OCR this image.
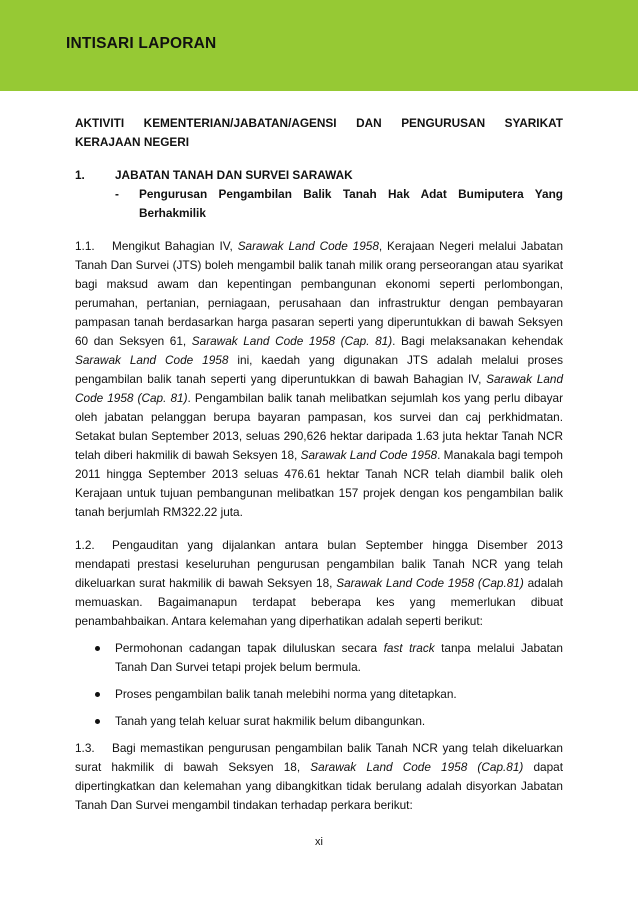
INTISARI LAPORAN
AKTIVITI KEMENTERIAN/JABATAN/AGENSI DAN PENGURUSAN SYARIKAT
KERAJAAN NEGERI
1.	JABATAN TANAH DAN SURVEI SARAWAK
-	Pengurusan Pengambilan Balik Tanah Hak Adat Bumiputera Yang Berhakmilik
1.1. Mengikut Bahagian IV, Sarawak Land Code 1958, Kerajaan Negeri melalui Jabatan Tanah Dan Survei (JTS) boleh mengambil balik tanah milik orang perseorangan atau syarikat bagi maksud awam dan kepentingan pembangunan ekonomi seperti perlombongan, perumahan, pertanian, perniagaan, perusahaan dan infrastruktur dengan pembayaran pampasan tanah berdasarkan harga pasaran seperti yang diperuntukkan di bawah Seksyen 60 dan Seksyen 61, Sarawak Land Code 1958 (Cap. 81). Bagi melaksanakan kehendak Sarawak Land Code 1958 ini, kaedah yang digunakan JTS adalah melalui proses pengambilan balik tanah seperti yang diperuntukkan di bawah Bahagian IV, Sarawak Land Code 1958 (Cap. 81). Pengambilan balik tanah melibatkan sejumlah kos yang perlu dibayar oleh jabatan pelanggan berupa bayaran pampasan, kos survei dan caj perkhidmatan. Setakat bulan September 2013, seluas 290,626 hektar daripada 1.63 juta hektar Tanah NCR telah diberi hakmilik di bawah Seksyen 18, Sarawak Land Code 1958. Manakala bagi tempoh 2011 hingga September 2013 seluas 476.61 hektar Tanah NCR telah diambil balik oleh Kerajaan untuk tujuan pembangunan melibatkan 157 projek dengan kos pengambilan balik tanah berjumlah RM322.22 juta.
1.2. Pengauditan yang dijalankan antara bulan September hingga Disember 2013 mendapati prestasi keseluruhan pengurusan pengambilan balik Tanah NCR yang telah dikeluarkan surat hakmilik di bawah Seksyen 18, Sarawak Land Code 1958 (Cap.81) adalah memuaskan. Bagaimanapun terdapat beberapa kes yang memerlukan dibuat penambahbaikan. Antara kelemahan yang diperhatikan adalah seperti berikut:
Permohonan cadangan tapak diluluskan secara fast track tanpa melalui Jabatan Tanah Dan Survei tetapi projek belum bermula.
Proses pengambilan balik tanah melebihi norma yang ditetapkan.
Tanah yang telah keluar surat hakmilik belum dibangunkan.
1.3. Bagi memastikan pengurusan pengambilan balik Tanah NCR yang telah dikeluarkan surat hakmilik di bawah Seksyen 18, Sarawak Land Code 1958 (Cap.81) dapat dipertingkatkan dan kelemahan yang dibangkitkan tidak berulang adalah disyorkan Jabatan Tanah Dan Survei mengambil tindakan terhadap perkara berikut:
xi
